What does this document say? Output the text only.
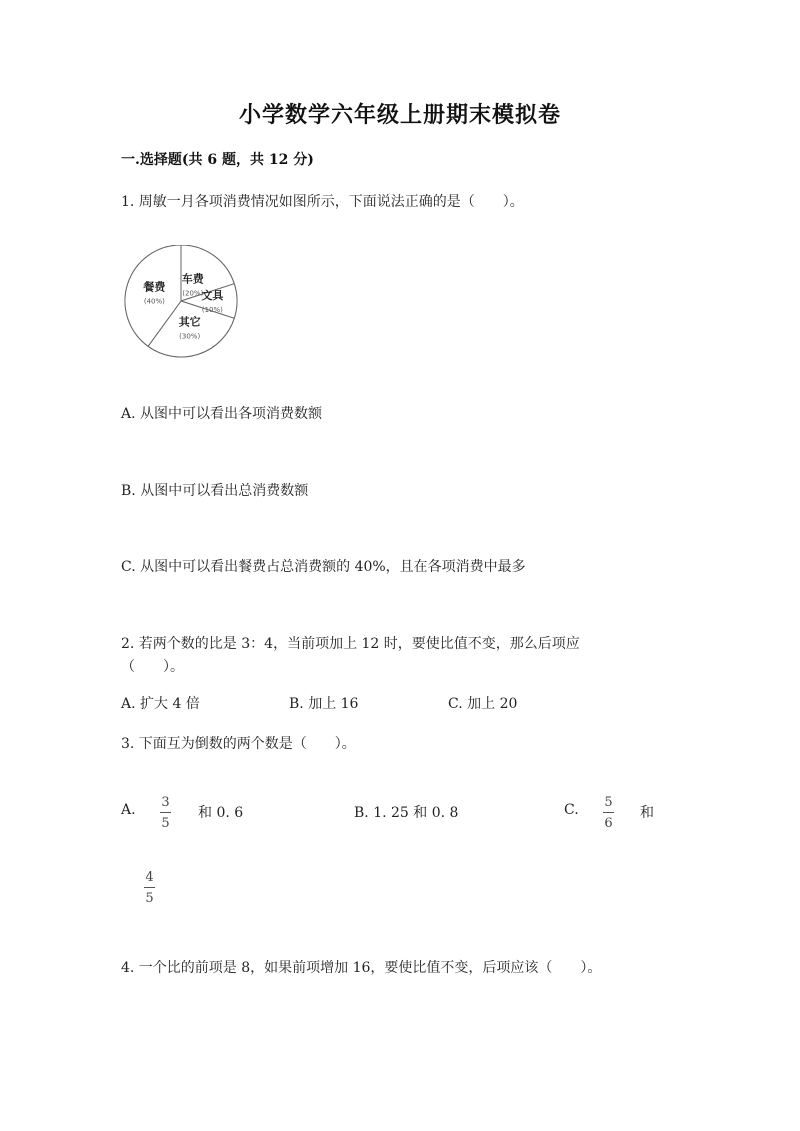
小学数学六年级上册期末模拟卷
一.选择题(共 6 题，共 12 分)
1. 周敏一月各项消费情况如图所示，下面说法正确的是（　　）。
车费
(20%)
文具
(10%)
其它
(30%)
餐费
(40%)
A. 从图中可以看出各项消费数额
B. 从图中可以看出总消费数额
C. 从图中可以看出餐费占总消费额的 40%，且在各项消费中最多
2. 若两个数的比是 3：4，当前项加上 12 时，要使比值不变，那么后项应
（　　）。
A. 扩大 4 倍	B. 加上 16	C. 加上 20
3. 下面互为倒数的两个数是（　　）。
A. 3
5
和 0. 6	B. 1. 25 和 0. 8	C. 5
6
和
4
5
4. 一个比的前项是 8，如果前项增加 16，要使比值不变，后项应该（　　）。
